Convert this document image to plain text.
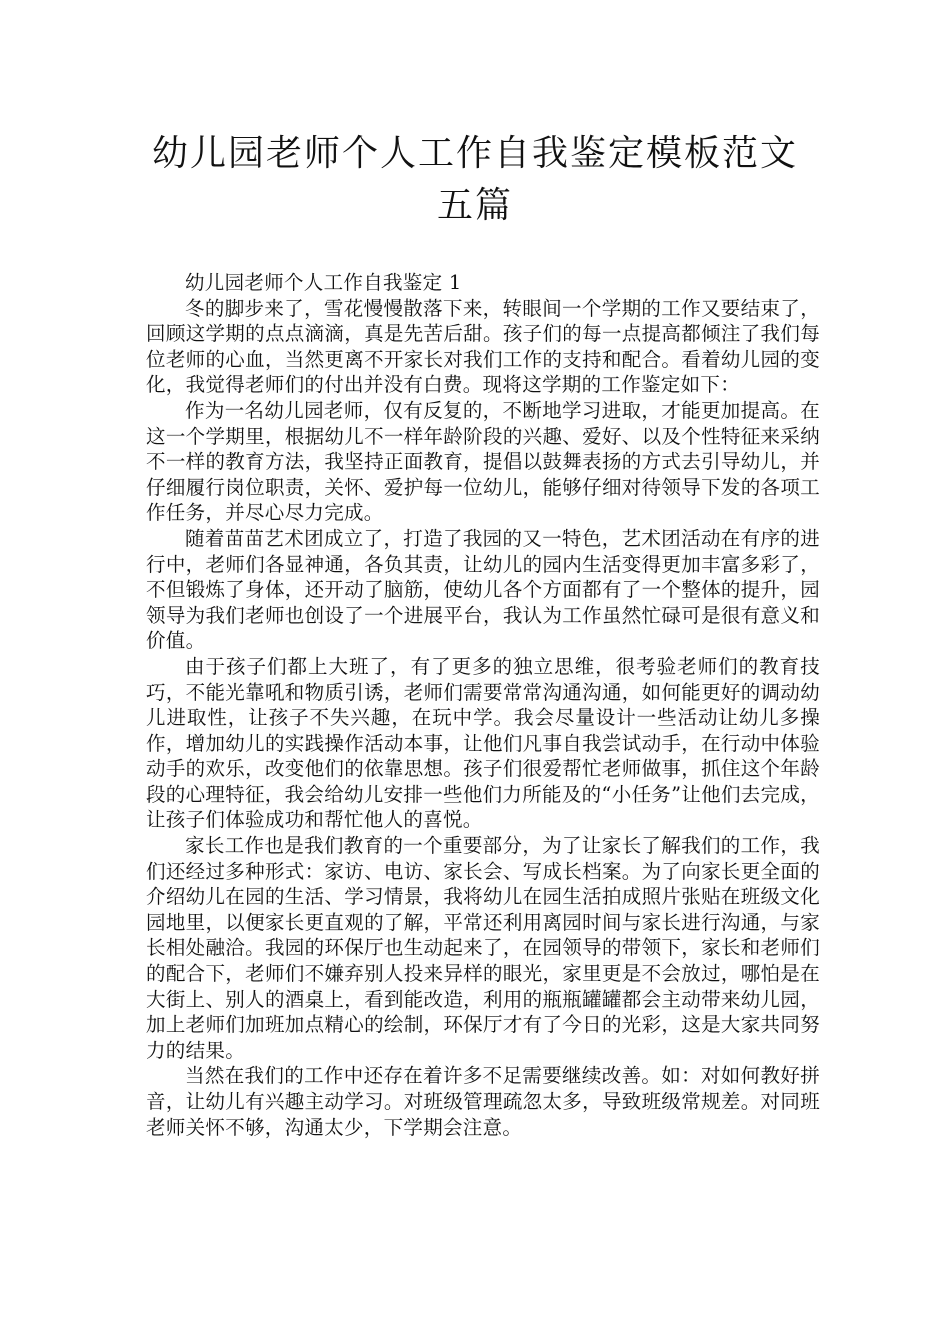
幼儿园老师个人工作自我鉴定模板范文五篇

幼儿园老师个人工作自我鉴定 1

冬的脚步来了，雪花慢慢散落下来，转眼间一个学期的工作又要结束了，回顾这学期的点点滴滴，真是先苦后甜。孩子们的每一点提高都倾注了我们每位老师的心血，当然更离不开家长对我们工作的支持和配合。看着幼儿园的变化，我觉得老师们的付出并没有白费。现将这学期的工作鉴定如下：

作为一名幼儿园老师，仅有反复的，不断地学习进取，才能更加提高。在这一个学期里，根据幼儿不一样年龄阶段的兴趣、爱好、以及个性特征来采纳不一样的教育方法，我坚持正面教育，提倡以鼓舞表扬的方式去引导幼儿，并仔细履行岗位职责，关怀、爱护每一位幼儿，能够仔细对待领导下发的各项工作任务，并尽心尽力完成。

随着苗苗艺术团成立了，打造了我园的又一特色，艺术团活动在有序的进行中，老师们各显神通，各负其责，让幼儿的园内生活变得更加丰富多彩了，不但锻炼了身体，还开动了脑筋，使幼儿各个方面都有了一个整体的提升，园领导为我们老师也创设了一个进展平台，我认为工作虽然忙碌可是很有意义和价值。

由于孩子们都上大班了，有了更多的独立思维，很考验老师们的教育技巧，不能光靠吼和物质引诱，老师们需要常常沟通沟通，如何能更好的调动幼儿进取性，让孩子不失兴趣，在玩中学。我会尽量设计一些活动让幼儿多操作，增加幼儿的实践操作活动本事，让他们凡事自我尝试动手，在行动中体验动手的欢乐，改变他们的依靠思想。孩子们很爱帮忙老师做事，抓住这个年龄段的心理特征，我会给幼儿安排一些他们力所能及的“小任务”让他们去完成，让孩子们体验成功和帮忙他人的喜悦。

家长工作也是我们教育的一个重要部分，为了让家长了解我们的工作，我们还经过多种形式：家访、电访、家长会、写成长档案。为了向家长更全面的介绍幼儿在园的生活、学习情景，我将幼儿在园生活拍成照片张贴在班级文化园地里，以便家长更直观的了解，平常还利用离园时间与家长进行沟通，与家长相处融洽。我园的环保厅也生动起来了，在园领导的带领下，家长和老师们的配合下，老师们不嫌弃别人投来异样的眼光，家里更是不会放过，哪怕是在大街上、别人的酒桌上，看到能改造，利用的瓶瓶罐罐都会主动带来幼儿园，加上老师们加班加点精心的绘制，环保厅才有了今日的光彩，这是大家共同努力的结果。

当然在我们的工作中还存在着许多不足需要继续改善。如：对如何教好拼音，让幼儿有兴趣主动学习。对班级管理疏忽太多，导致班级常规差。对同班老师关怀不够，沟通太少，下学期会注意。
